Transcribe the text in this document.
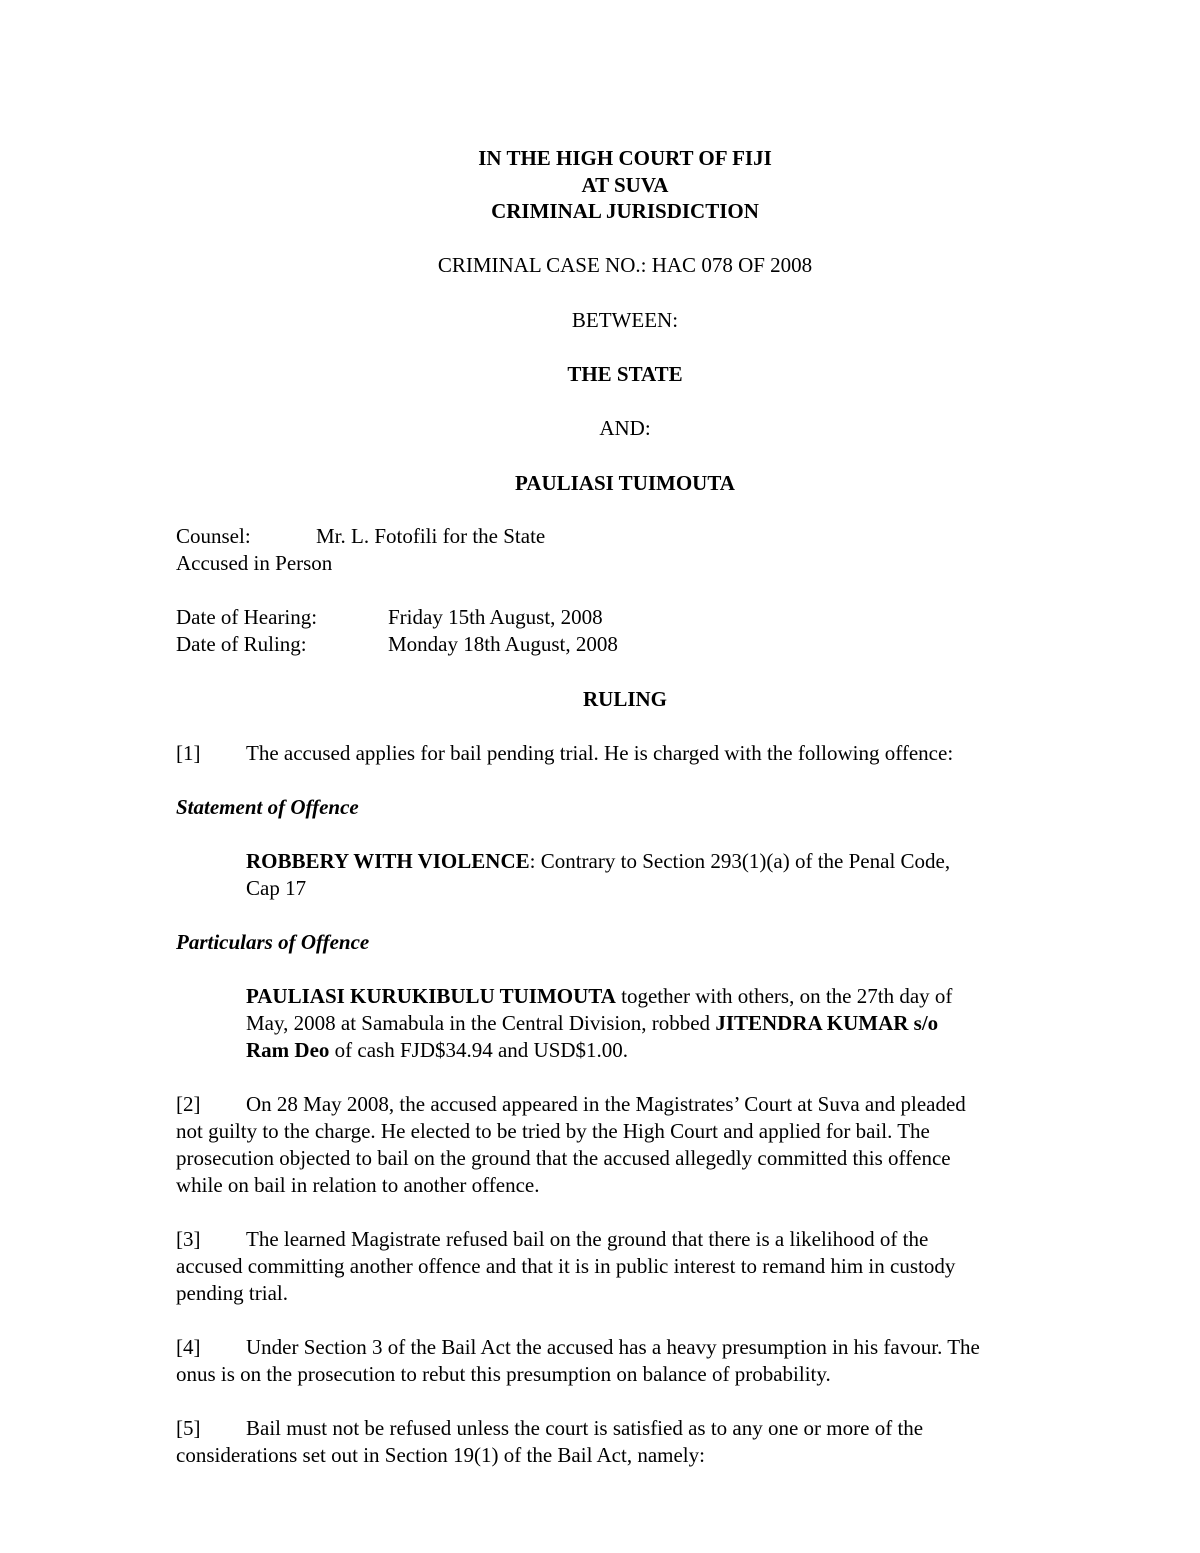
IN THE HIGH COURT OF FIJI
AT SUVA
CRIMINAL JURISDICTION
CRIMINAL CASE NO.: HAC 078 OF 2008
BETWEEN:
THE STATE
AND:
PAULIASI TUIMOUTA
Counsel:	Mr. L. Fotofili for the State
Accused in Person
Date of Hearing:	Friday 15th August, 2008
Date of Ruling:	Monday 18th August, 2008
RULING
[1] The accused applies for bail pending trial. He is charged with the following offence:
Statement of Offence
ROBBERY WITH VIOLENCE: Contrary to Section 293(1)(a) of the Penal Code,
Cap 17
Particulars of Offence
PAULIASI KURUKIBULU TUIMOUTA together with others, on the 27th day of
May, 2008 at Samabula in the Central Division, robbed JITENDRA KUMAR s/o
Ram Deo of cash FJD$34.94 and USD$1.00.
[2] On 28 May 2008, the accused appeared in the Magistrates’ Court at Suva and pleaded
not guilty to the charge. He elected to be tried by the High Court and applied for bail. The
prosecution objected to bail on the ground that the accused allegedly committed this offence
while on bail in relation to another offence.
[3] The learned Magistrate refused bail on the ground that there is a likelihood of the
accused committing another offence and that it is in public interest to remand him in custody
pending trial.
[4] Under Section 3 of the Bail Act the accused has a heavy presumption in his favour. The
onus is on the prosecution to rebut this presumption on balance of probability.
[5] Bail must not be refused unless the court is satisfied as to any one or more of the
considerations set out in Section 19(1) of the Bail Act, namely:
